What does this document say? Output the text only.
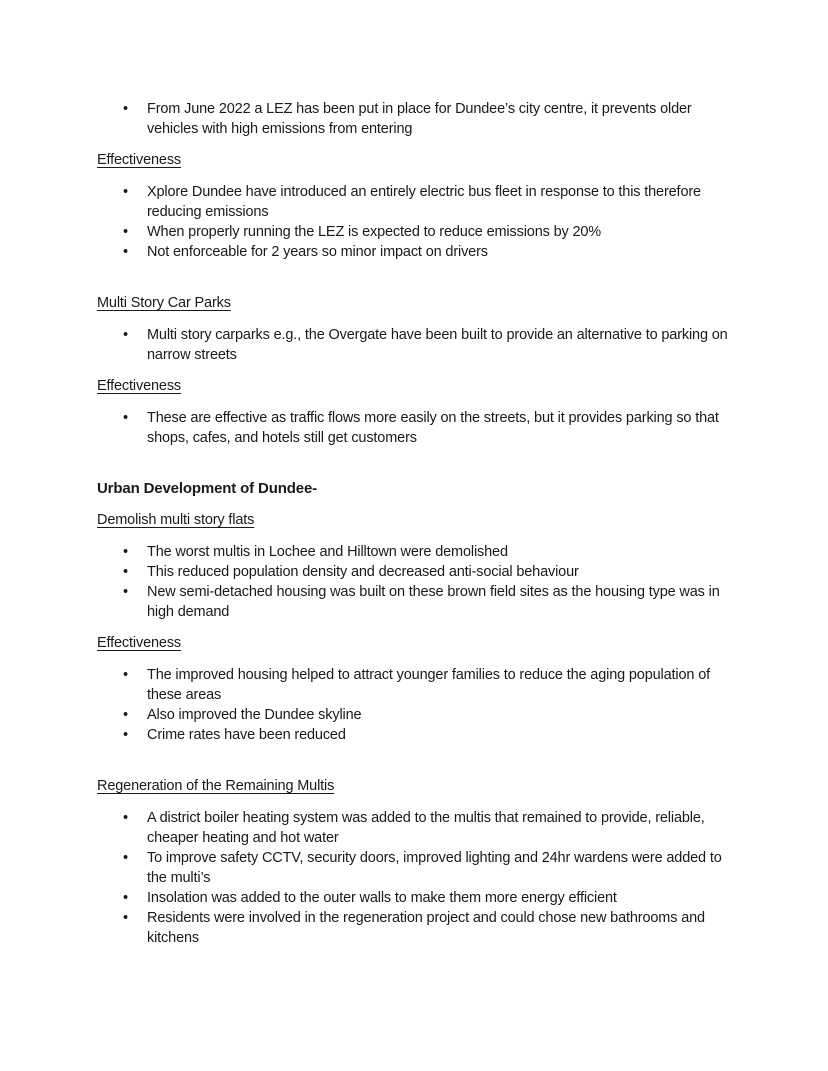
• From June 2022 a LEZ has been put in place for Dundee’s city centre, it prevents older vehicles with high emissions from entering

Effectiveness

• Xplore Dundee have introduced an entirely electric bus fleet in response to this therefore reducing emissions
• When properly running the LEZ is expected to reduce emissions by 20%
• Not enforceable for 2 years so minor impact on drivers

Multi Story Car Parks

• Multi story carparks e.g., the Overgate have been built to provide an alternative to parking on narrow streets

Effectiveness

• These are effective as traffic flows more easily on the streets, but it provides parking so that shops, cafes, and hotels still get customers

Urban Development of Dundee-

Demolish multi story flats

• The worst multis in Lochee and Hilltown were demolished
• This reduced population density and decreased anti-social behaviour
• New semi-detached housing was built on these brown field sites as the housing type was in high demand

Effectiveness

• The improved housing helped to attract younger families to reduce the aging population of these areas
• Also improved the Dundee skyline
• Crime rates have been reduced

Regeneration of the Remaining Multis

• A district boiler heating system was added to the multis that remained to provide, reliable, cheaper heating and hot water
• To improve safety CCTV, security doors, improved lighting and 24hr wardens were added to the multi’s
• Insolation was added to the outer walls to make them more energy efficient
• Residents were involved in the regeneration project and could chose new bathrooms and kitchens
